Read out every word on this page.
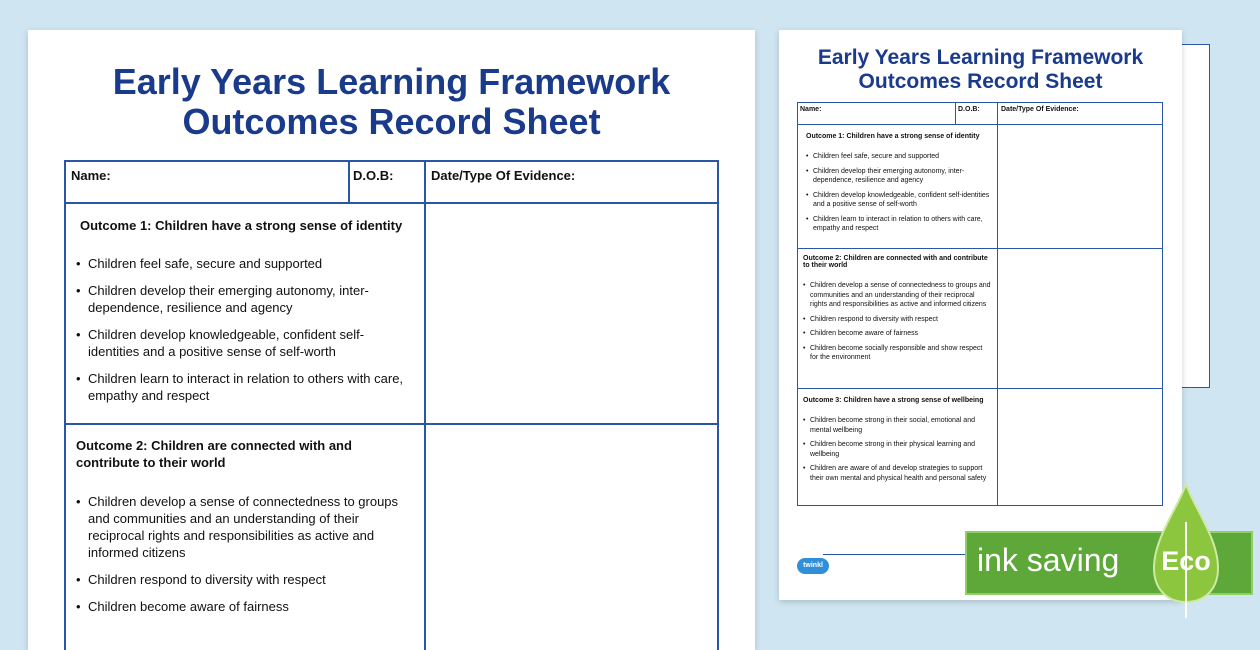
Early Years Learning Framework
Outcomes Record Sheet
Name:	D.O.B:	Date/Type Of Evidence:
Outcome 1: Children have a strong sense of identity
• Children feel safe, secure and supported
• Children develop their emerging autonomy, inter-dependence, resilience and agency
• Children develop knowledgeable, confident self-identities and a positive sense of self-worth
• Children learn to interact in relation to others with care, empathy and respect
Outcome 2: Children are connected with and contribute to their world
• Children develop a sense of connectedness to groups and communities and an understanding of their reciprocal rights and responsibilities as active and informed citizens
• Children respond to diversity with respect
• Children become aware of fairness
Early Years Learning Framework
Outcomes Record Sheet
Name:	D.O.B:	Date/Type Of Evidence:
Outcome 1: Children have a strong sense of identity
• Children feel safe, secure and supported
• Children develop their emerging autonomy, inter-dependence, resilience and agency
• Children develop knowledgeable, confident self-identities and a positive sense of self-worth
• Children learn to interact in relation to others with care, empathy and respect
Outcome 2: Children are connected with and contribute to their world
• Children develop a sense of connectedness to groups and communities and an understanding of their reciprocal rights and responsibilities as active and informed citizens
• Children respond to diversity with respect
• Children become aware of fairness
• Children become socially responsible and show respect for the environment
Outcome 3: Children have a strong sense of wellbeing
• Children become strong in their social, emotional and mental wellbeing
• Children become strong in their physical learning and wellbeing
• Children are aware of and develop strategies to support their own mental and physical health and personal safety
twinkl	ink saving Eco
